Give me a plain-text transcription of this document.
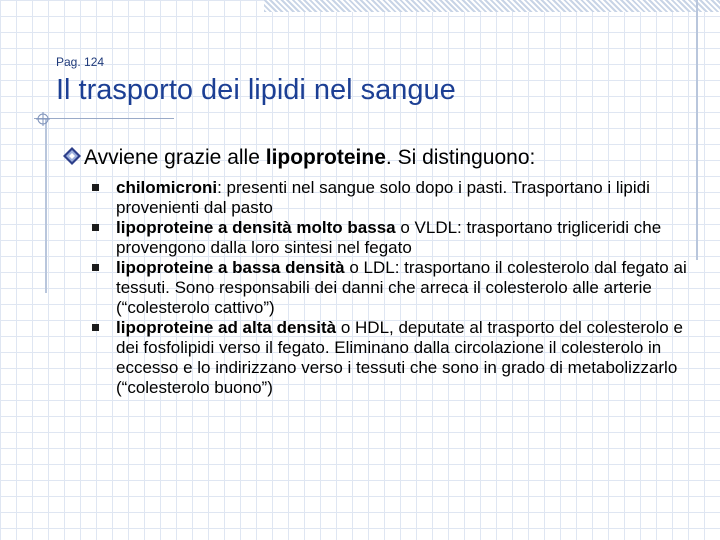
Pag. 124
Il trasporto dei lipidi nel sangue
Avviene grazie alle lipoproteine. Si distinguono:
chilomicroni: presenti nel sangue solo dopo i pasti. Trasportano i lipidi provenienti dal pasto
lipoproteine a densità molto bassa o VLDL: trasportano trigliceridi che provengono dalla loro sintesi nel fegato
lipoproteine a bassa densità o LDL: trasportano il colesterolo dal fegato ai tessuti. Sono responsabili dei danni che arreca il colesterolo alle arterie (“colesterolo cattivo”)
lipoproteine ad alta densità o HDL, deputate al trasporto del colesterolo e dei fosfolipidi verso il fegato. Eliminano dalla circolazione il colesterolo in eccesso e lo indirizzano verso i tessuti che sono in grado di metabolizzarlo (“colesterolo buono”)
